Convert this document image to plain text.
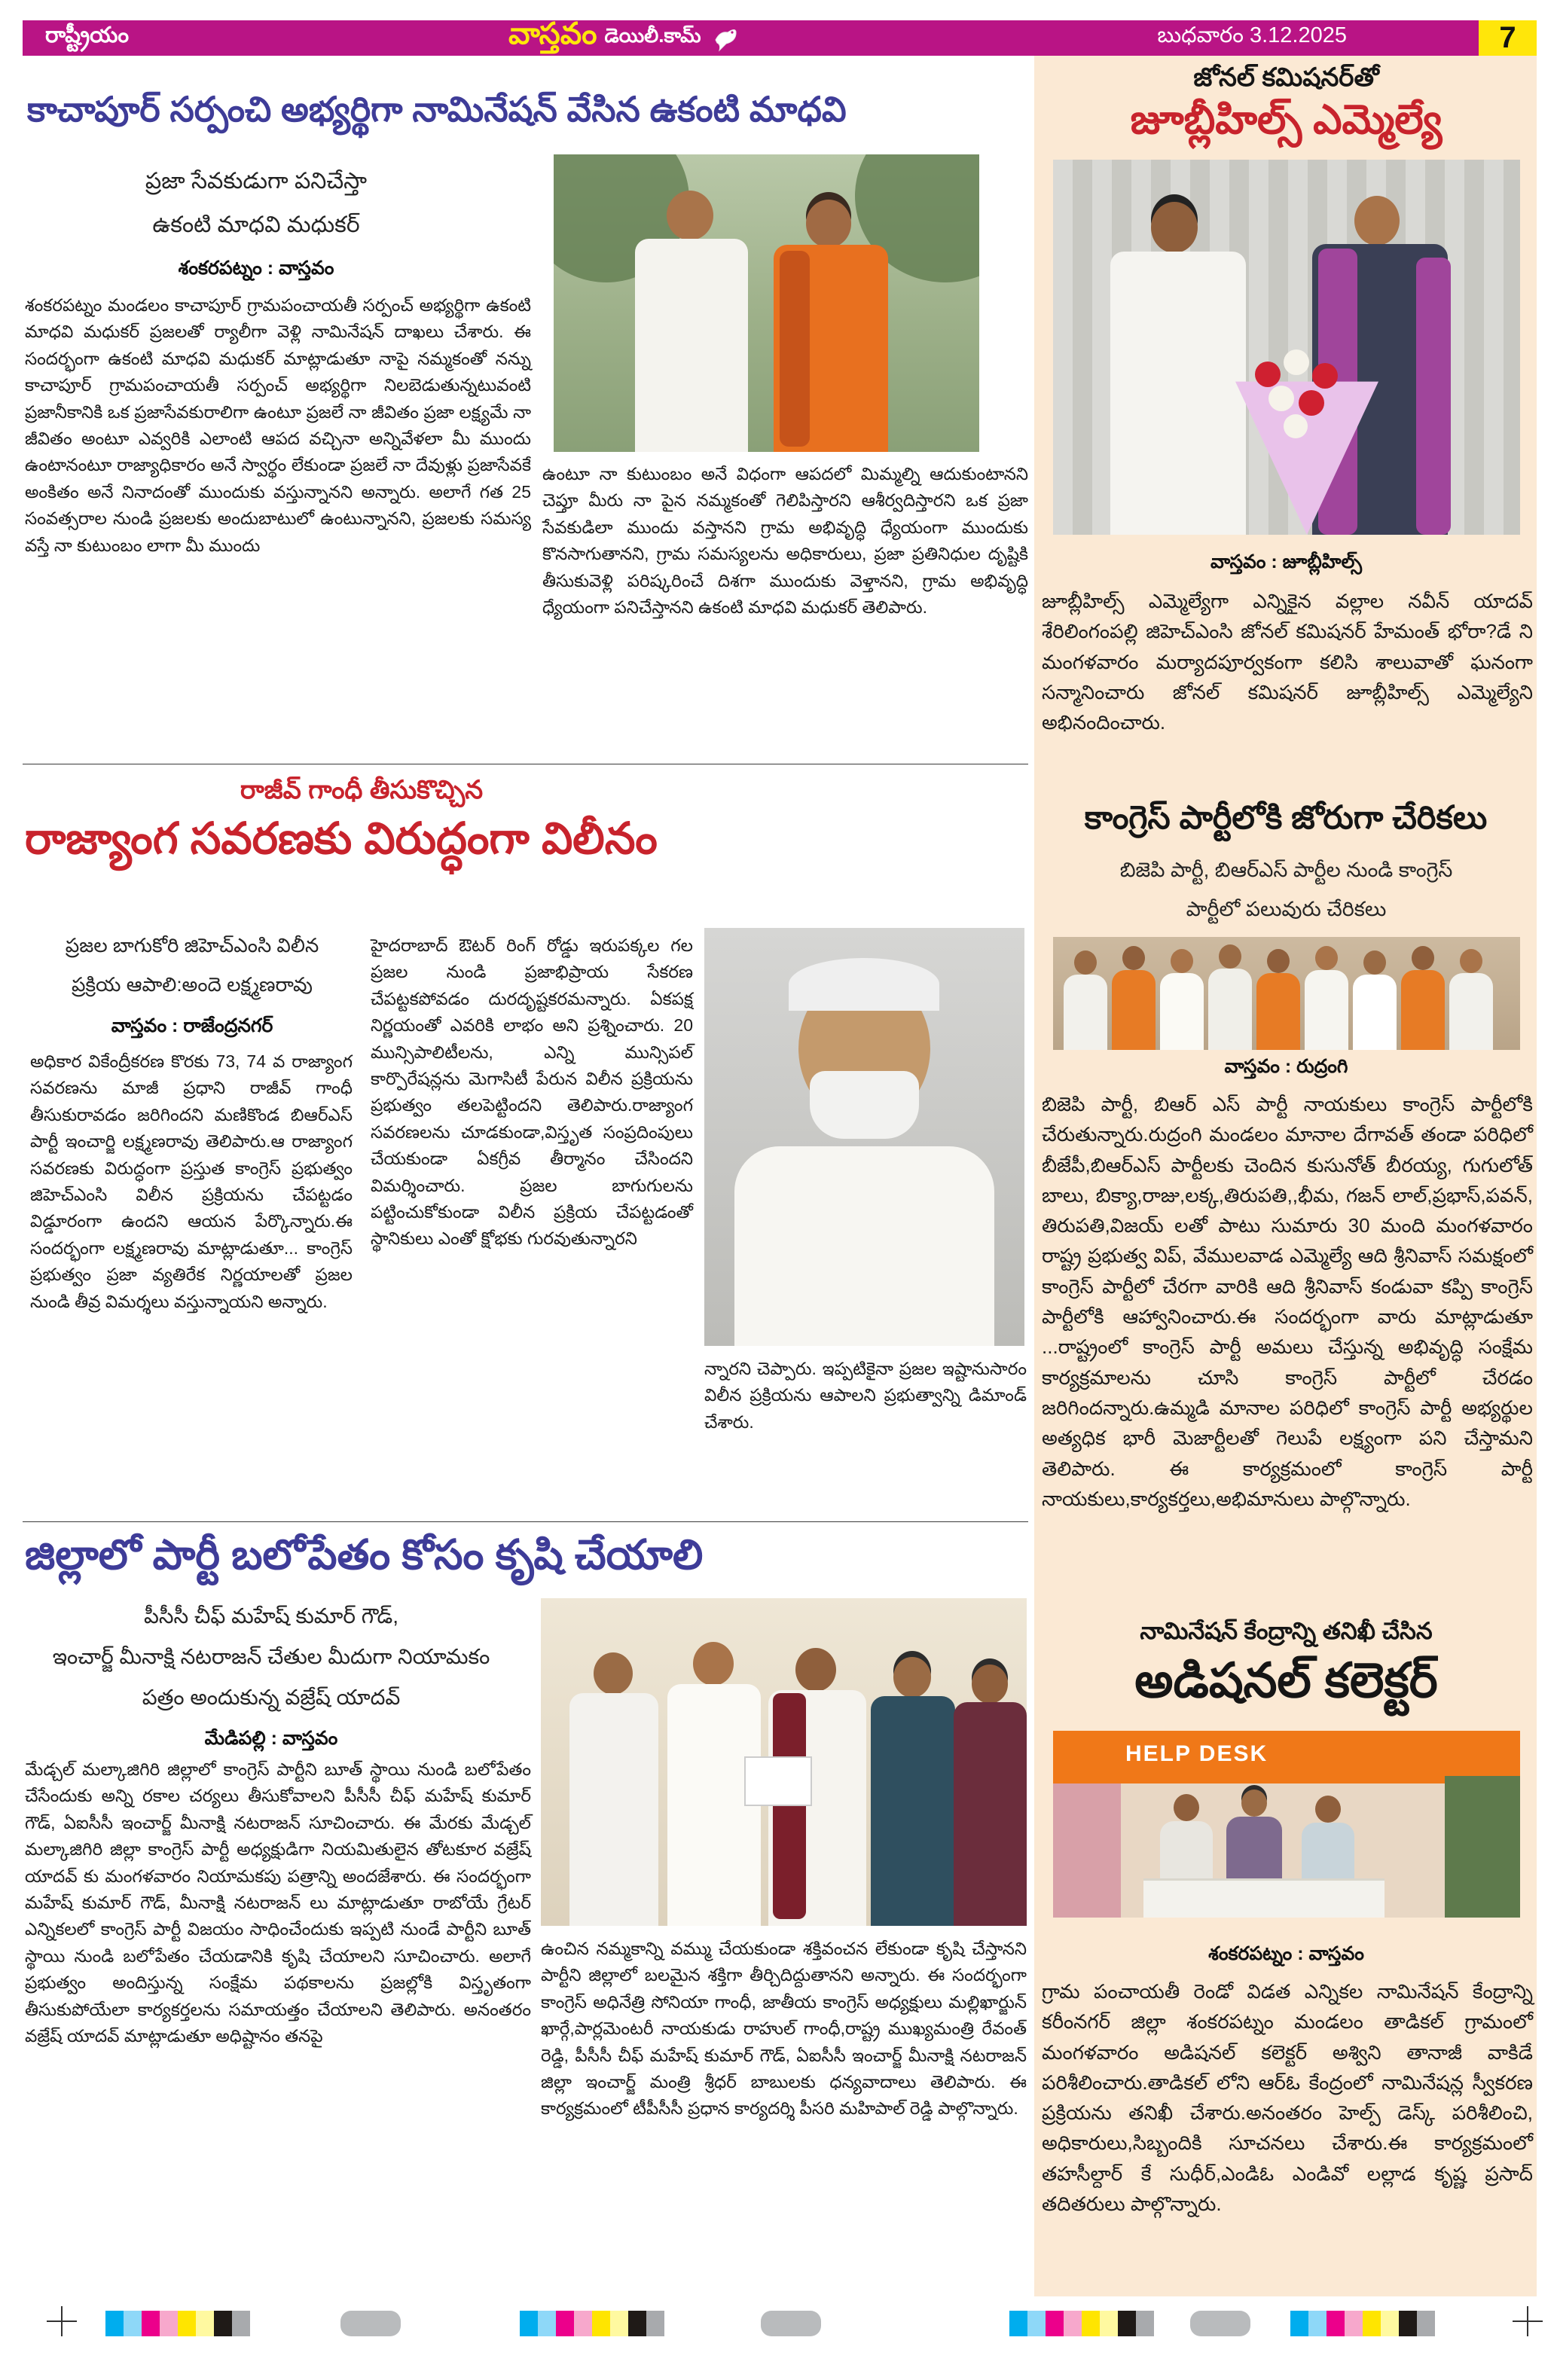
రాష్ట్రీయం	వాస్తవం డెయిలీ.కామ్	బుధవారం 3.12.2025	7
కాచాపూర్ సర్పంచి అభ్యర్థిగా నామినేషన్ వేసిన ఉకంటి మాధవి
ప్రజా సేవకుడుగా పనిచేస్తా
ఉకంటి మాధవి మధుకర్
శంకరపట్నం : వాస్తవం
శంకరపట్నం మండలం కాచాపూర్ గ్రామపంచాయతీ సర్పంచ్ అభ్యర్థిగా ఉకంటి మాధవి మధుకర్ ప్రజలతో ర్యాలీగా వెళ్లి నామినేషన్ దాఖలు చేశారు. ఈ సందర్భంగా ఉకంటి మాధవి మధుకర్ మాట్లాడుతూ నాపై నమ్మకంతో నన్ను కాచాపూర్ గ్రామపంచాయతీ సర్పంచ్ అభ్యర్థిగా నిలబెడుతున్నటువంటి ప్రజానీకానికి ఒక ప్రజాసేవకురాలిగా ఉంటూ ప్రజలే నా జీవితం ప్రజా లక్ష్యమే నా జీవితం అంటూ ఎవ్వరికి ఎలాంటి ఆపద వచ్చినా అన్నివేళలా మీ ముందు ఉంటానంటూ రాజ్యాధికారం అనే స్వార్థం లేకుండా ప్రజలే నా దేవుళ్లు ప్రజాసేవకే అంకితం అనే నినాదంతో ముందుకు వస్తున్నానని అన్నారు. అలాగే గత 25 సంవత్సరాల నుండి ప్రజలకు అందుబాటులో ఉంటున్నానని, ప్రజలకు సమస్య వస్తే నా కుటుంబం లాగా మీ ముందు
ఉంటూ నా కుటుంబం అనే విధంగా ఆపదలో మిమ్మల్ని ఆదుకుంటానని చెప్తూ మీరు నా పైన నమ్మకంతో గెలిపిస్తారని ఆశీర్వదిస్తారని ఒక ప్రజా సేవకుడిలా ముందు వస్తానని గ్రామ అభివృద్ధి ధ్యేయంగా ముందుకు కొనసాగుతానని, గ్రామ సమస్యలను అధికారులు, ప్రజా ప్రతినిధుల దృష్టికి తీసుకువెళ్లి పరిష్కరించే దిశగా ముందుకు వెళ్తానని, గ్రామ అభివృద్ధి ధ్యేయంగా పనిచేస్తానని ఉకంటి మాధవి మధుకర్ తెలిపారు.
రాజీవ్ గాంధీ తీసుకొచ్చిన
రాజ్యాంగ సవరణకు విరుద్ధంగా విలీనం
ప్రజల బాగుకోరి జిహెచ్ఎంసి విలీన
ప్రక్రియ ఆపాలి:అందె లక్ష్మణరావు
వాస్తవం : రాజేంద్రనగర్
అధికార వికేంద్రీకరణ కొరకు 73, 74 వ రాజ్యాంగ సవరణను మాజీ ప్రధాని రాజీవ్ గాంధీ తీసుకురావడం జరిగిందని మణికొండ బిఆర్ఎస్ పార్టీ ఇంచార్జి లక్ష్మణరావు తెలిపారు.ఆ రాజ్యాంగ సవరణకు విరుద్ధంగా ప్రస్తుత కాంగ్రెస్ ప్రభుత్వం జిహెచ్ఎంసి విలీన ప్రక్రియను చేపట్టడం విడ్డూరంగా ఉందని ఆయన పేర్కొన్నారు.ఈ సందర్భంగా లక్ష్మణరావు మాట్లాడుతూ... కాంగ్రెస్ ప్రభుత్వం ప్రజా వ్యతిరేక నిర్ణయాలతో ప్రజల నుండి తీవ్ర విమర్శలు వస్తున్నాయని అన్నారు.
హైదరాబాద్ ఔటర్ రింగ్ రోడ్డు ఇరుపక్కల గల ప్రజల నుండి ప్రజాభిప్రాయ సేకరణ చేపట్టకపోవడం దురదృష్టకరమన్నారు. ఏకపక్ష నిర్ణయంతో ఎవరికి లాభం అని ప్రశ్నించారు. 20 మున్సిపాలిటీలను, ఎన్ని మున్సిపల్ కార్పొరేషన్లను మెగాసిటీ పేరున విలీన ప్రక్రియను ప్రభుత్వం తలపెట్టిందని తెలిపారు.రాజ్యాంగ సవరణలను చూడకుండా,విస్తృత సంప్రదింపులు చేయకుండా ఏకగ్రీవ తీర్మానం చేసిందని విమర్శించారు. ప్రజల బాగుగులను పట్టించుకోకుండా విలీన ప్రక్రియ చేపట్టడంతో స్థానికులు ఎంతో క్షోభకు గురవుతున్నారని
న్నారని చెప్పారు. ఇప్పటికైనా ప్రజల ఇష్టానుసారం విలీన ప్రక్రియను ఆపాలని ప్రభుత్వాన్ని డిమాండ్ చేశారు.
జిల్లాలో పార్టీ బలోపేతం కోసం కృషి చేయాలి
పీసీసీ చీఫ్ మహేష్ కుమార్ గౌడ్,
ఇంచార్జ్ మీనాక్షి నటరాజన్ చేతుల మీదుగా నియామకం
పత్రం అందుకున్న వజ్రేష్ యాదవ్
మేడిపల్లి : వాస్తవం
మేడ్చల్ మల్కాజిగిరి జిల్లాలో కాంగ్రెస్ పార్టీని బూత్ స్థాయి నుండి బలోపేతం చేసేందుకు అన్ని రకాల చర్యలు తీసుకోవాలని పీసీసీ చీఫ్ మహేష్ కుమార్ గౌడ్, ఏఐసీసీ ఇంచార్జ్ మీనాక్షి నటరాజన్ సూచించారు. ఈ మేరకు మేడ్చల్ మల్కాజిగిరి జిల్లా కాంగ్రెస్ పార్టీ అధ్యక్షుడిగా నియమితులైన తోటకూర వజ్రేష్ యాదవ్ కు మంగళవారం నియామకపు పత్రాన్ని అందజేశారు. ఈ సందర్భంగా మహేష్ కుమార్ గౌడ్, మీనాక్షి నటరాజన్ లు మాట్లాడుతూ రాబోయే గ్రేటర్ ఎన్నికలలో కాంగ్రెస్ పార్టీ విజయం సాధించేందుకు ఇప్పటి నుండే పార్టీని బూత్ స్థాయి నుండి బలోపేతం చేయడానికి కృషి చేయాలని సూచించారు. అలాగే ప్రభుత్వం అందిస్తున్న సంక్షేమ పథకాలను ప్రజల్లోకి విస్తృతంగా తీసుకుపోయేలా కార్యకర్తలను సమాయత్తం చేయాలని తెలిపారు. అనంతరం వజ్రేష్ యాదవ్ మాట్లాడుతూ అధిష్టానం తనపై
ఉంచిన నమ్మకాన్ని వమ్ము చేయకుండా శక్తివంచన లేకుండా కృషి చేస్తానని పార్టీని జిల్లాలో బలమైన శక్తిగా తీర్చిదిద్దుతానని అన్నారు. ఈ సందర్భంగా కాంగ్రెస్ అధినేత్రి సోనియా గాంధీ, జాతీయ కాంగ్రెస్ అధ్యక్షులు మల్లిఖార్జున్ ఖార్గే,పార్లమెంటరీ నాయకుడు రాహుల్ గాంధీ,రాష్ట్ర ముఖ్యమంత్రి రేవంత్ రెడ్డి, పీసీసీ చీఫ్ మహేష్ కుమార్ గౌడ్, ఏఐసీసీ ఇంచార్జ్ మీనాక్షి నటరాజన్ జిల్లా ఇంచార్జ్ మంత్రి శ్రీధర్ బాబులకు ధన్యవాదాలు తెలిపారు. ఈ కార్యక్రమంలో టీపీసీసీ ప్రధాన కార్యదర్శి పీసరి మహిపాల్ రెడ్డి పాల్గొన్నారు.
జోనల్ కమిషనర్‌తో
జూబ్లీహిల్స్ ఎమ్మెల్యే
వాస్తవం : జూబ్లీహిల్స్
జూబ్లీహిల్స్ ఎమ్మెల్యేగా ఎన్నికైన వల్లాల నవీన్ యాదవ్ శేరిలింగంపల్లి జిహెచ్ఎంసి జోనల్ కమిషనర్ హేమంత్ భోరా?డే ని మంగళవారం మర్యాదపూర్వకంగా కలిసి శాలువాతో ఘనంగా సన్మానించారు జోనల్ కమిషనర్ జూబ్లీహిల్స్ ఎమ్మెల్యేని అభినందించారు.
కాంగ్రెస్ పార్టీలోకి జోరుగా చేరికలు
బిజెపి పార్టీ, బిఆర్ఎస్ పార్టీల నుండి కాంగ్రెస్
పార్టీలో పలువురు చేరికలు
వాస్తవం : రుద్రంగి
బిజెపి పార్టీ, బిఆర్ ఎస్ పార్టీ నాయకులు కాంగ్రెస్ పార్టీలోకి చేరుతున్నారు.రుద్రంగి మండలం మానాల దేగావత్ తండా పరిధిలో బీజేపీ,బిఆర్ఎస్ పార్టీలకు చెందిన కుసునోత్ బీరయ్య, గుగులోత్ బాలు, బిక్యా,రాజు,లక్క,తిరుపతి,,భీమ, గజన్ లాల్,ప్రభాస్,పవన్, తిరుపతి,విజయ్ లతో పాటు సుమారు 30 మంది మంగళవారం రాష్ట్ర ప్రభుత్వ విప్, వేములవాడ ఎమ్మెల్యే ఆది శ్రీనివాస్ సమక్షంలో కాంగ్రెస్ పార్టీలో చేరగా వారికి ఆది శ్రీనివాస్ కండువా కప్పి కాంగ్రెస్ పార్టీలోకి ఆహ్వానించారు.ఈ సందర్భంగా వారు మాట్లాడుతూ ...రాష్ట్రంలో కాంగ్రెస్ పార్టీ అమలు చేస్తున్న అభివృద్ధి సంక్షేమ కార్యక్రమాలను చూసి కాంగ్రెస్ పార్టీలో చేరడం జరిగిందన్నారు.ఉమ్మడి మానాల పరిధిలో కాంగ్రెస్ పార్టీ అభ్యర్థుల అత్యధిక భారీ మెజార్టీలతో గెలుపే లక్ష్యంగా పని చేస్తామని తెలిపారు. ఈ కార్యక్రమంలో కాంగ్రెస్ పార్టీ నాయకులు,కార్యకర్తలు,అభిమానులు పాల్గొన్నారు.
నామినేషన్ కేంద్రాన్ని తనిఖీ చేసిన
అడిషనల్ కలెక్టర్
HELP DESK
శంకరపట్నం : వాస్తవం
గ్రామ పంచాయతీ రెండో విడత ఎన్నికల నామినేషన్ కేంద్రాన్ని కరీంనగర్ జిల్లా శంకరపట్నం మండలం తాడికల్ గ్రామంలో మంగళవారం అడిషనల్ కలెక్టర్ అశ్విని తానాజీ వాకిడే పరిశీలించారు.తాడికల్ లోని ఆర్ఓ కేంద్రంలో నామినేషన్ల స్వీకరణ ప్రక్రియను తనిఖీ చేశారు.అనంతరం హెల్ప్ డెస్క్ పరిశీలించి, అధికారులు,సిబ్బందికి సూచనలు చేశారు.ఈ కార్యక్రమంలో తహసీల్దార్ కే సుధీర్,ఎండిఓ ఎండివో లల్లాడ కృష్ణ ప్రసాద్ తదితరులు పాల్గొన్నారు.
